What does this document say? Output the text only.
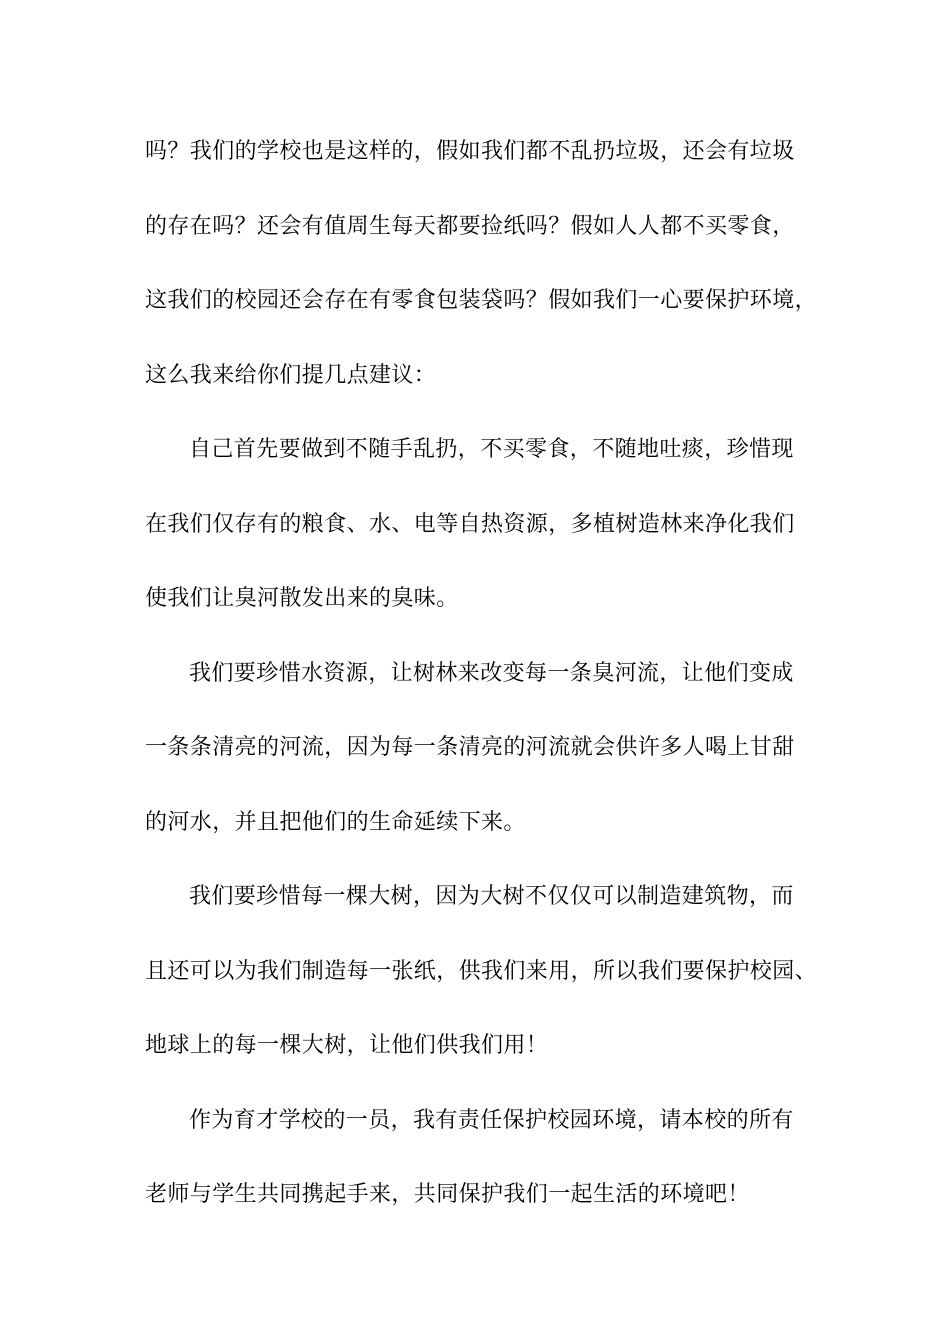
吗？我们的学校也是这样的，假如我们都不乱扔垃圾，还会有垃圾
的存在吗？还会有值周生每天都要捡纸吗？假如人人都不买零食，
这我们的校园还会存在有零食包装袋吗？假如我们一心要保护环境，
这么我来给你们提几点建议：
自己首先要做到不随手乱扔，不买零食，不随地吐痰，珍惜现
在我们仅存有的粮食、水、电等自热资源，多植树造林来净化我们
使我们让臭河散发出来的臭味。
我们要珍惜水资源，让树林来改变每一条臭河流，让他们变成
一条条清亮的河流，因为每一条清亮的河流就会供许多人喝上甘甜
的河水，并且把他们的生命延续下来。
我们要珍惜每一棵大树，因为大树不仅仅可以制造建筑物，而
且还可以为我们制造每一张纸，供我们来用，所以我们要保护校园、
地球上的每一棵大树，让他们供我们用！
作为育才学校的一员，我有责任保护校园环境，请本校的所有
老师与学生共同携起手来，共同保护我们一起生活的环境吧！
